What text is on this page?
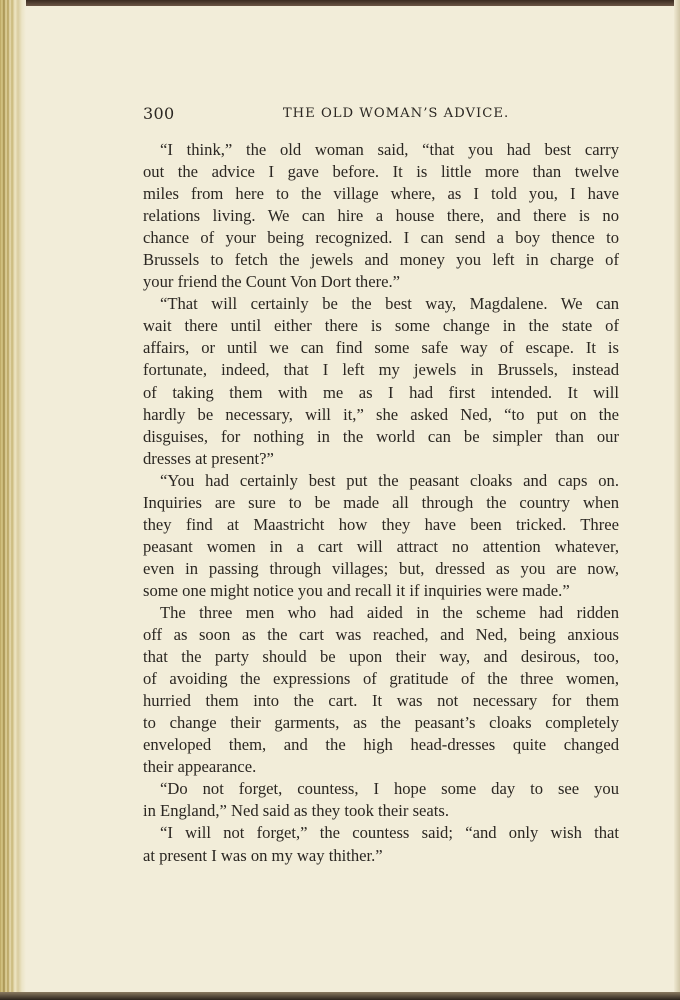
300	THE OLD WOMAN’S ADVICE.

“I think,” the old woman said, “that you had best carry
out the advice I gave before. It is little more than twelve
miles from here to the village where, as I told you, I have
relations living. We can hire a house there, and there is no
chance of your being recognized. I can send a boy thence to
Brussels to fetch the jewels and money you left in charge of
your friend the Count Von Dort there.”

“That will certainly be the best way, Magdalene. We can
wait there until either there is some change in the state of
affairs, or until we can find some safe way of escape. It is
fortunate, indeed, that I left my jewels in Brussels, instead
of taking them with me as I had first intended. It will
hardly be necessary, will it,” she asked Ned, “to put on the
disguises, for nothing in the world can be simpler than our
dresses at present?”

“You had certainly best put the peasant cloaks and caps on.
Inquiries are sure to be made all through the country when
they find at Maastricht how they have been tricked. Three
peasant women in a cart will attract no attention whatever,
even in passing through villages; but, dressed as you are now,
some one might notice you and recall it if inquiries were made.”

The three men who had aided in the scheme had ridden
off as soon as the cart was reached, and Ned, being anxious
that the party should be upon their way, and desirous, too,
of avoiding the expressions of gratitude of the three women,
hurried them into the cart. It was not necessary for them
to change their garments, as the peasant’s cloaks completely
enveloped them, and the high head-dresses quite changed
their appearance.

“Do not forget, countess, I hope some day to see you
in England,” Ned said as they took their seats.

“I will not forget,” the countess said; “and only wish that
at present I was on my way thither.”
